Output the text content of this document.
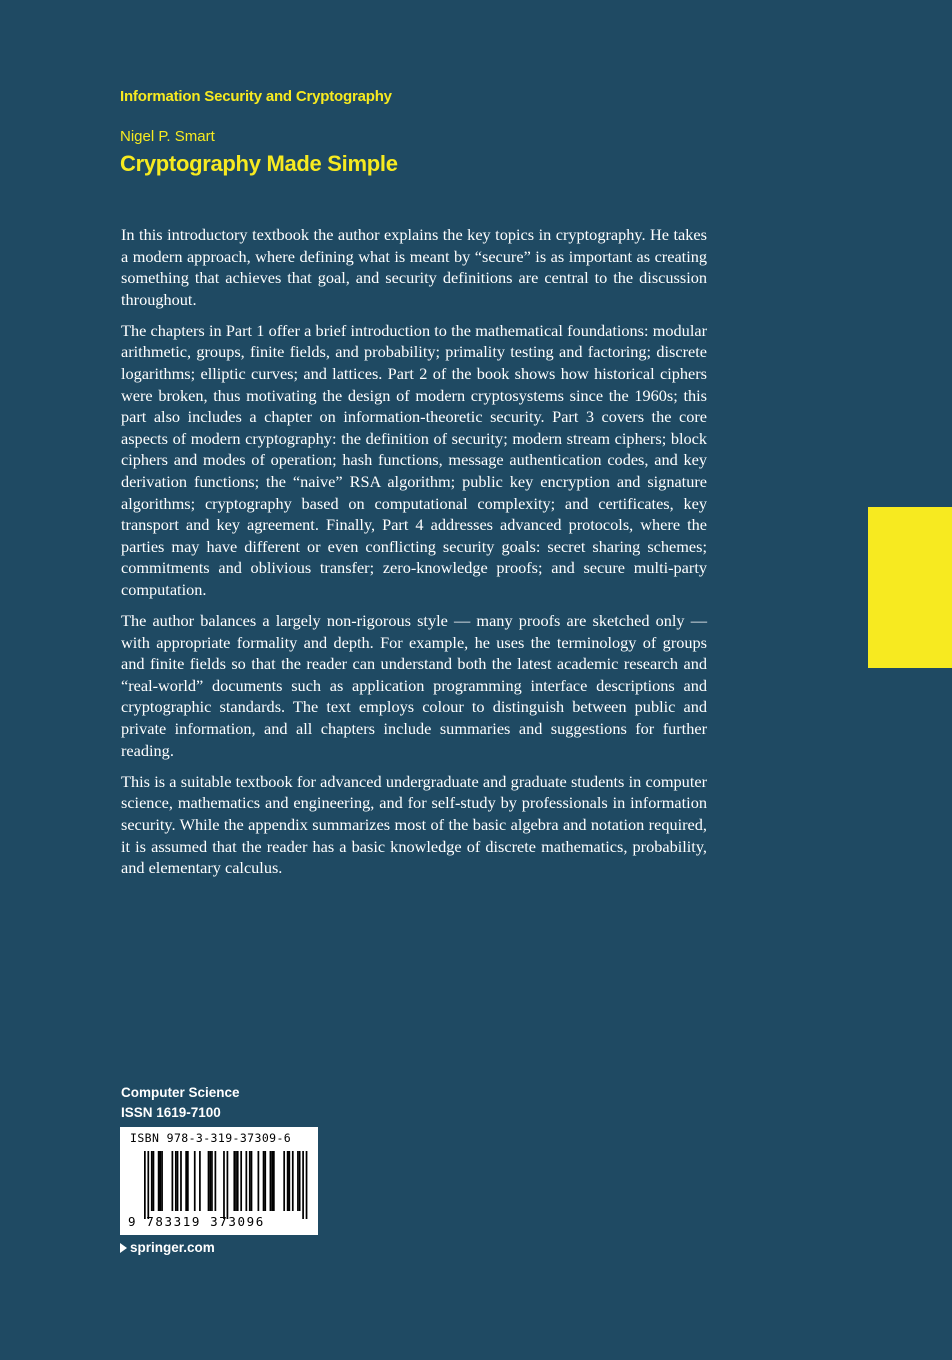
Information Security and Cryptography
Nigel P. Smart
Cryptography Made Simple

In this introductory textbook the author explains the key topics in cryptography. He takes a modern approach, where defining what is meant by “secure” is as important as creating something that achieves that goal, and security definitions are central to the discussion throughout.

The chapters in Part 1 offer a brief introduction to the mathematical foundations: modular arithmetic, groups, finite fields, and probability; primality testing and factoring; discrete logarithms; elliptic curves; and lattices. Part 2 of the book shows how historical ciphers were broken, thus motivating the design of modern cryptosystems since the 1960s; this part also includes a chapter on information-theoretic security. Part 3 covers the core aspects of modern cryptography: the definition of security; modern stream ciphers; block ciphers and modes of operation; hash functions, message authentication codes, and key derivation functions; the “naive” RSA algorithm; public key encryption and signature algorithms; cryptography based on computational complexity; and certificates, key transport and key agreement. Finally, Part 4 addresses advanced protocols, where the parties may have different or even conflicting security goals: secret sharing schemes; commitments and oblivious transfer; zero-knowledge proofs; and secure multi-party computation.

The author balances a largely non-rigorous style — many proofs are sketched only — with appropriate formality and depth. For example, he uses the terminology of groups and finite fields so that the reader can understand both the latest academic research and “real-world” documents such as application programming interface descriptions and cryptographic standards. The text employs colour to distinguish between public and private information, and all chapters include summaries and suggestions for further reading.

This is a suitable textbook for advanced undergraduate and graduate students in computer science, mathematics and engineering, and for self-study by professionals in information security. While the appendix summarizes most of the basic algebra and notation required, it is assumed that the reader has a basic knowledge of discrete mathematics, probability, and elementary calculus.

Computer Science
ISSN 1619-7100
ISBN 978-3-319-37309-6
9 783319 373096
springer.com
